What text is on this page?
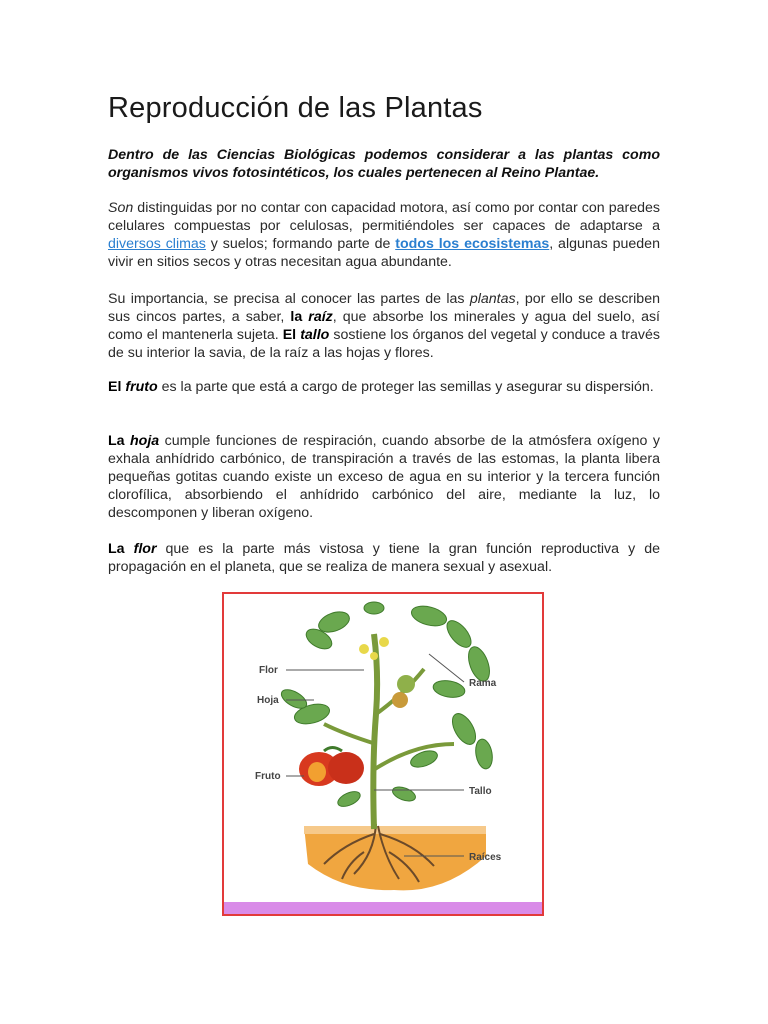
Reproducción de las Plantas

Dentro de las Ciencias Biológicas podemos considerar a las plantas como organismos vivos fotosintéticos, los cuales pertenecen al Reino Plantae.

Son distinguidas por no contar con capacidad motora, así como por contar con paredes celulares compuestas por celulosas, permitiéndoles ser capaces de adaptarse a diversos climas y suelos; formando parte de todos los ecosistemas, algunas pueden vivir en sitios secos y otras necesitan agua abundante.

Su importancia, se precisa al conocer las partes de las plantas, por ello se describen sus cincos partes, a saber, la raíz, que absorbe los minerales y agua del suelo, así como el mantenerla sujeta. El tallo sostiene los órganos del vegetal y conduce a través de su interior la savia, de la raíz a las hojas y flores.

El fruto es la parte que está a cargo de proteger las semillas y asegurar su dispersión.

La hoja cumple funciones de respiración, cuando absorbe de la atmósfera oxígeno y exhala anhídrido carbónico, de transpiración a través de las estomas, la planta libera pequeñas gotitas cuando existe un exceso de agua en su interior y la tercera función clorofílica, absorbiendo el anhídrido carbónico del aire, mediante la luz, lo descomponen y liberan oxígeno.

La flor que es la parte más vistosa y tiene la gran función reproductiva y de propagación en el planeta, que se realiza de manera sexual y asexual.

Flor
Hoja
Fruto
Rama
Tallo
Raíces
